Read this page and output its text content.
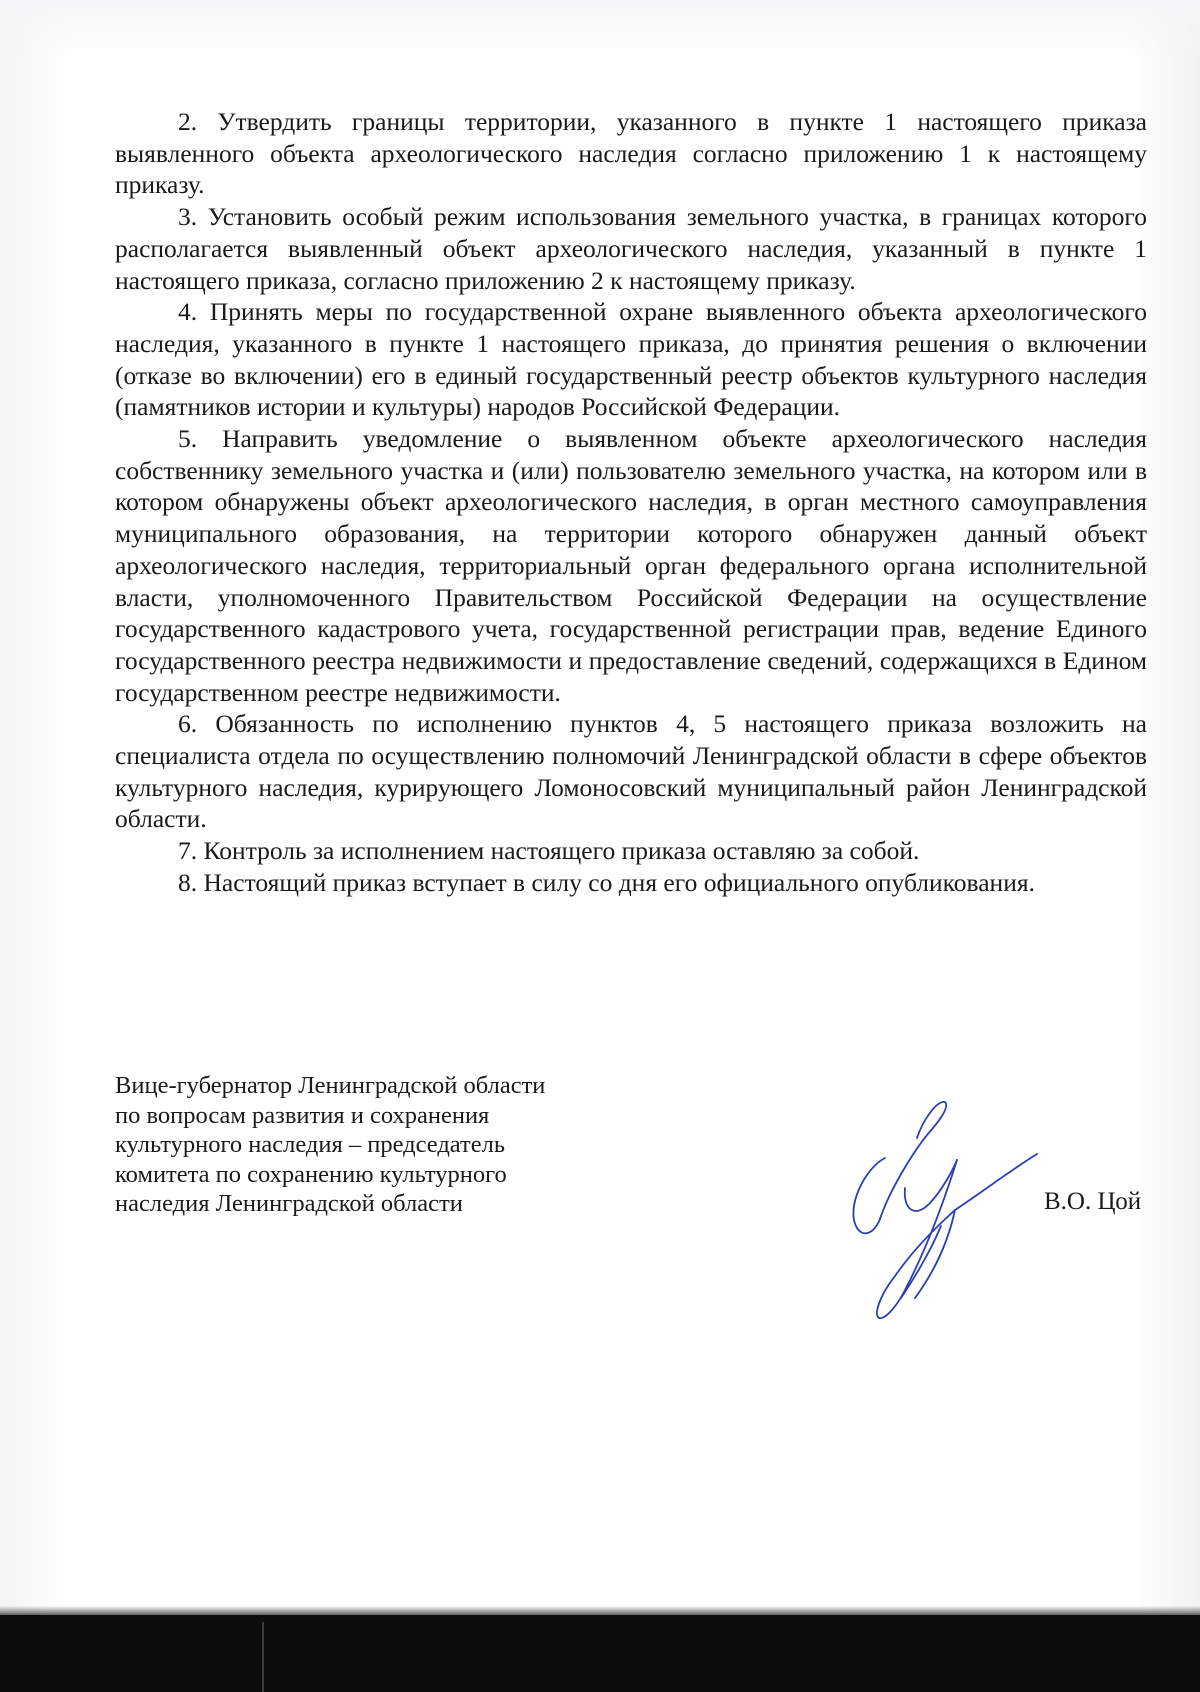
2. Утвердить границы территории, указанного в пункте 1 настоящего приказа выявленного объекта археологического наследия согласно приложению 1 к настоящему приказу.

3. Установить особый режим использования земельного участка, в границах которого располагается выявленный объект археологического наследия, указанный в пункте 1 настоящего приказа, согласно приложению 2 к настоящему приказу.

4. Принять меры по государственной охране выявленного объекта археологического наследия, указанного в пункте 1 настоящего приказа, до принятия решения о включении (отказе во включении) его в единый государственный реестр объектов культурного наследия (памятников истории и культуры) народов Российской Федерации.

5. Направить уведомление о выявленном объекте археологического наследия собственнику земельного участка и (или) пользователю земельного участка, на котором или в котором обнаружены объект археологического наследия, в орган местного самоуправления муниципального образования, на территории которого обнаружен данный объект археологического наследия, территориальный орган федерального органа исполнительной власти, уполномоченного Правительством Российской Федерации на осуществление государственного кадастрового учета, государственной регистрации прав, ведение Единого государственного реестра недвижимости и предоставление сведений, содержащихся в Едином государственном реестре недвижимости.

6. Обязанность по исполнению пунктов 4, 5 настоящего приказа возложить на специалиста отдела по осуществлению полномочий Ленинградской области в сфере объектов культурного наследия, курирующего Ломоносовский муниципальный район Ленинградской области.

7. Контроль за исполнением настоящего приказа оставляю за собой.

8. Настоящий приказ вступает в силу со дня его официального опубликования.

Вице-губернатор Ленинградской области
по вопросам развития и сохранения
культурного наследия – председатель
комитета по сохранению культурного
наследия Ленинградской области	В.О. Цой
